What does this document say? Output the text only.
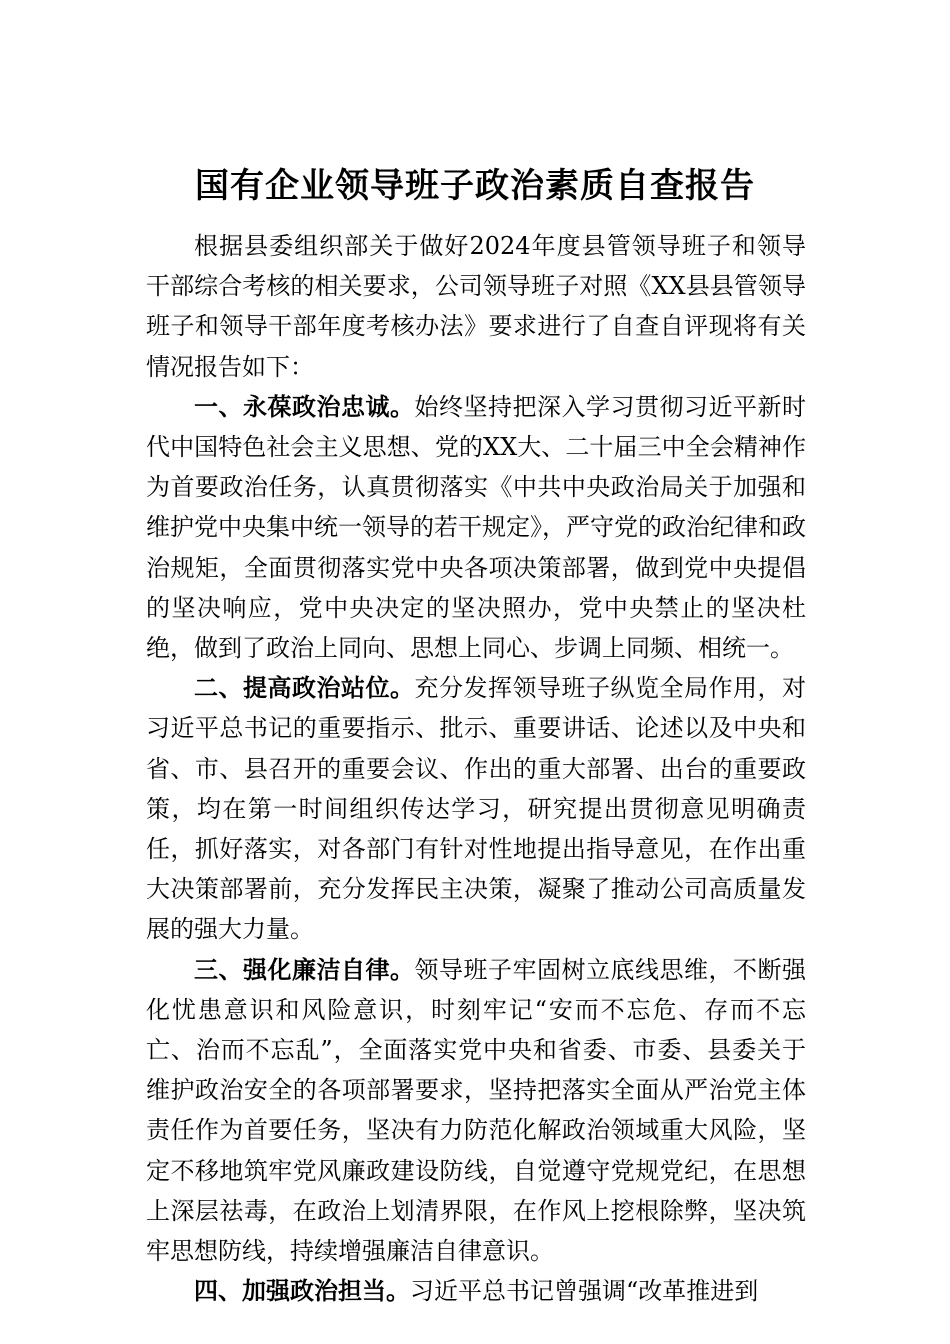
国有企业领导班子政治素质自查报告

根据县委组织部关于做好2024年度县管领导班子和领导干部综合考核的相关要求，公司领导班子对照《XX县县管领导班子和领导干部年度考核办法》要求进行了自查自评现将有关情况报告如下：

一、永葆政治忠诚。始终坚持把深入学习贯彻习近平新时代中国特色社会主义思想、党的XX大、二十届三中全会精神作为首要政治任务，认真贯彻落实《中共中央政治局关于加强和维护党中央集中统一领导的若干规定》，严守党的政治纪律和政治规矩，全面贯彻落实党中央各项决策部署，做到党中央提倡的坚决响应，党中央决定的坚决照办，党中央禁止的坚决杜绝，做到了政治上同向、思想上同心、步调上同频、相统一。

二、提高政治站位。充分发挥领导班子纵览全局作用，对习近平总书记的重要指示、批示、重要讲话、论述以及中央和省、市、县召开的重要会议、作出的重大部署、出台的重要政策，均在第一时间组织传达学习，研究提出贯彻意见明确责任，抓好落实，对各部门有针对性地提出指导意见，在作出重大决策部署前，充分发挥民主决策，凝聚了推动公司高质量发展的强大力量。

三、强化廉洁自律。领导班子牢固树立底线思维，不断强化忧患意识和风险意识，时刻牢记“安而不忘危、存而不忘亡、治而不忘乱”，全面落实党中央和省委、市委、县委关于维护政治安全的各项部署要求，坚持把落实全面从严治党主体责任作为首要任务，坚决有力防范化解政治领域重大风险，坚定不移地筑牢党风廉政建设防线，自觉遵守党规党纪，在思想上深层祛毒，在政治上划清界限，在作风上挖根除弊，坚决筑牢思想防线，持续增强廉洁自律意识。

四、加强政治担当。习近平总书记曾强调“改革推进到
